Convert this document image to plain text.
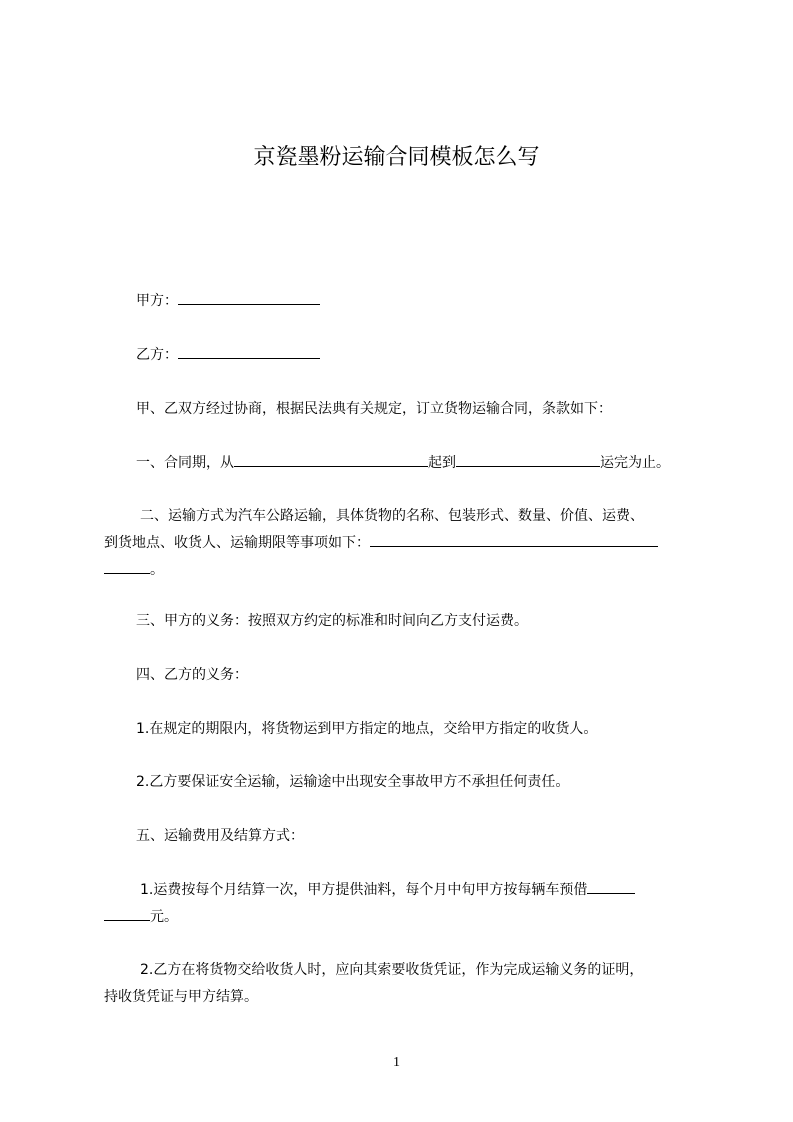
京瓷墨粉运输合同模板怎么写
甲方：
乙方：
甲、乙双方经过协商，根据民法典有关规定，订立货物运输合同，条款如下：
一、合同期，从	起到	运完为止。
二、运输方式为汽车公路运输，具体货物的名称、包装形式、数量、价值、运费、
到货地点、收货人、运输期限等事项如下：
。
三、甲方的义务：按照双方约定的标准和时间向乙方支付运费。
四、乙方的义务：
1.在规定的期限内，将货物运到甲方指定的地点，交给甲方指定的收货人。
2.乙方要保证安全运输，运输途中出现安全事故甲方不承担任何责任。
五、运输费用及结算方式：
1.运费按每个月结算一次，甲方提供油料，每个月中旬甲方按每辆车预借
元。
2.乙方在将货物交给收货人时，应向其索要收货凭证，作为完成运输义务的证明，
持收货凭证与甲方结算。
1
